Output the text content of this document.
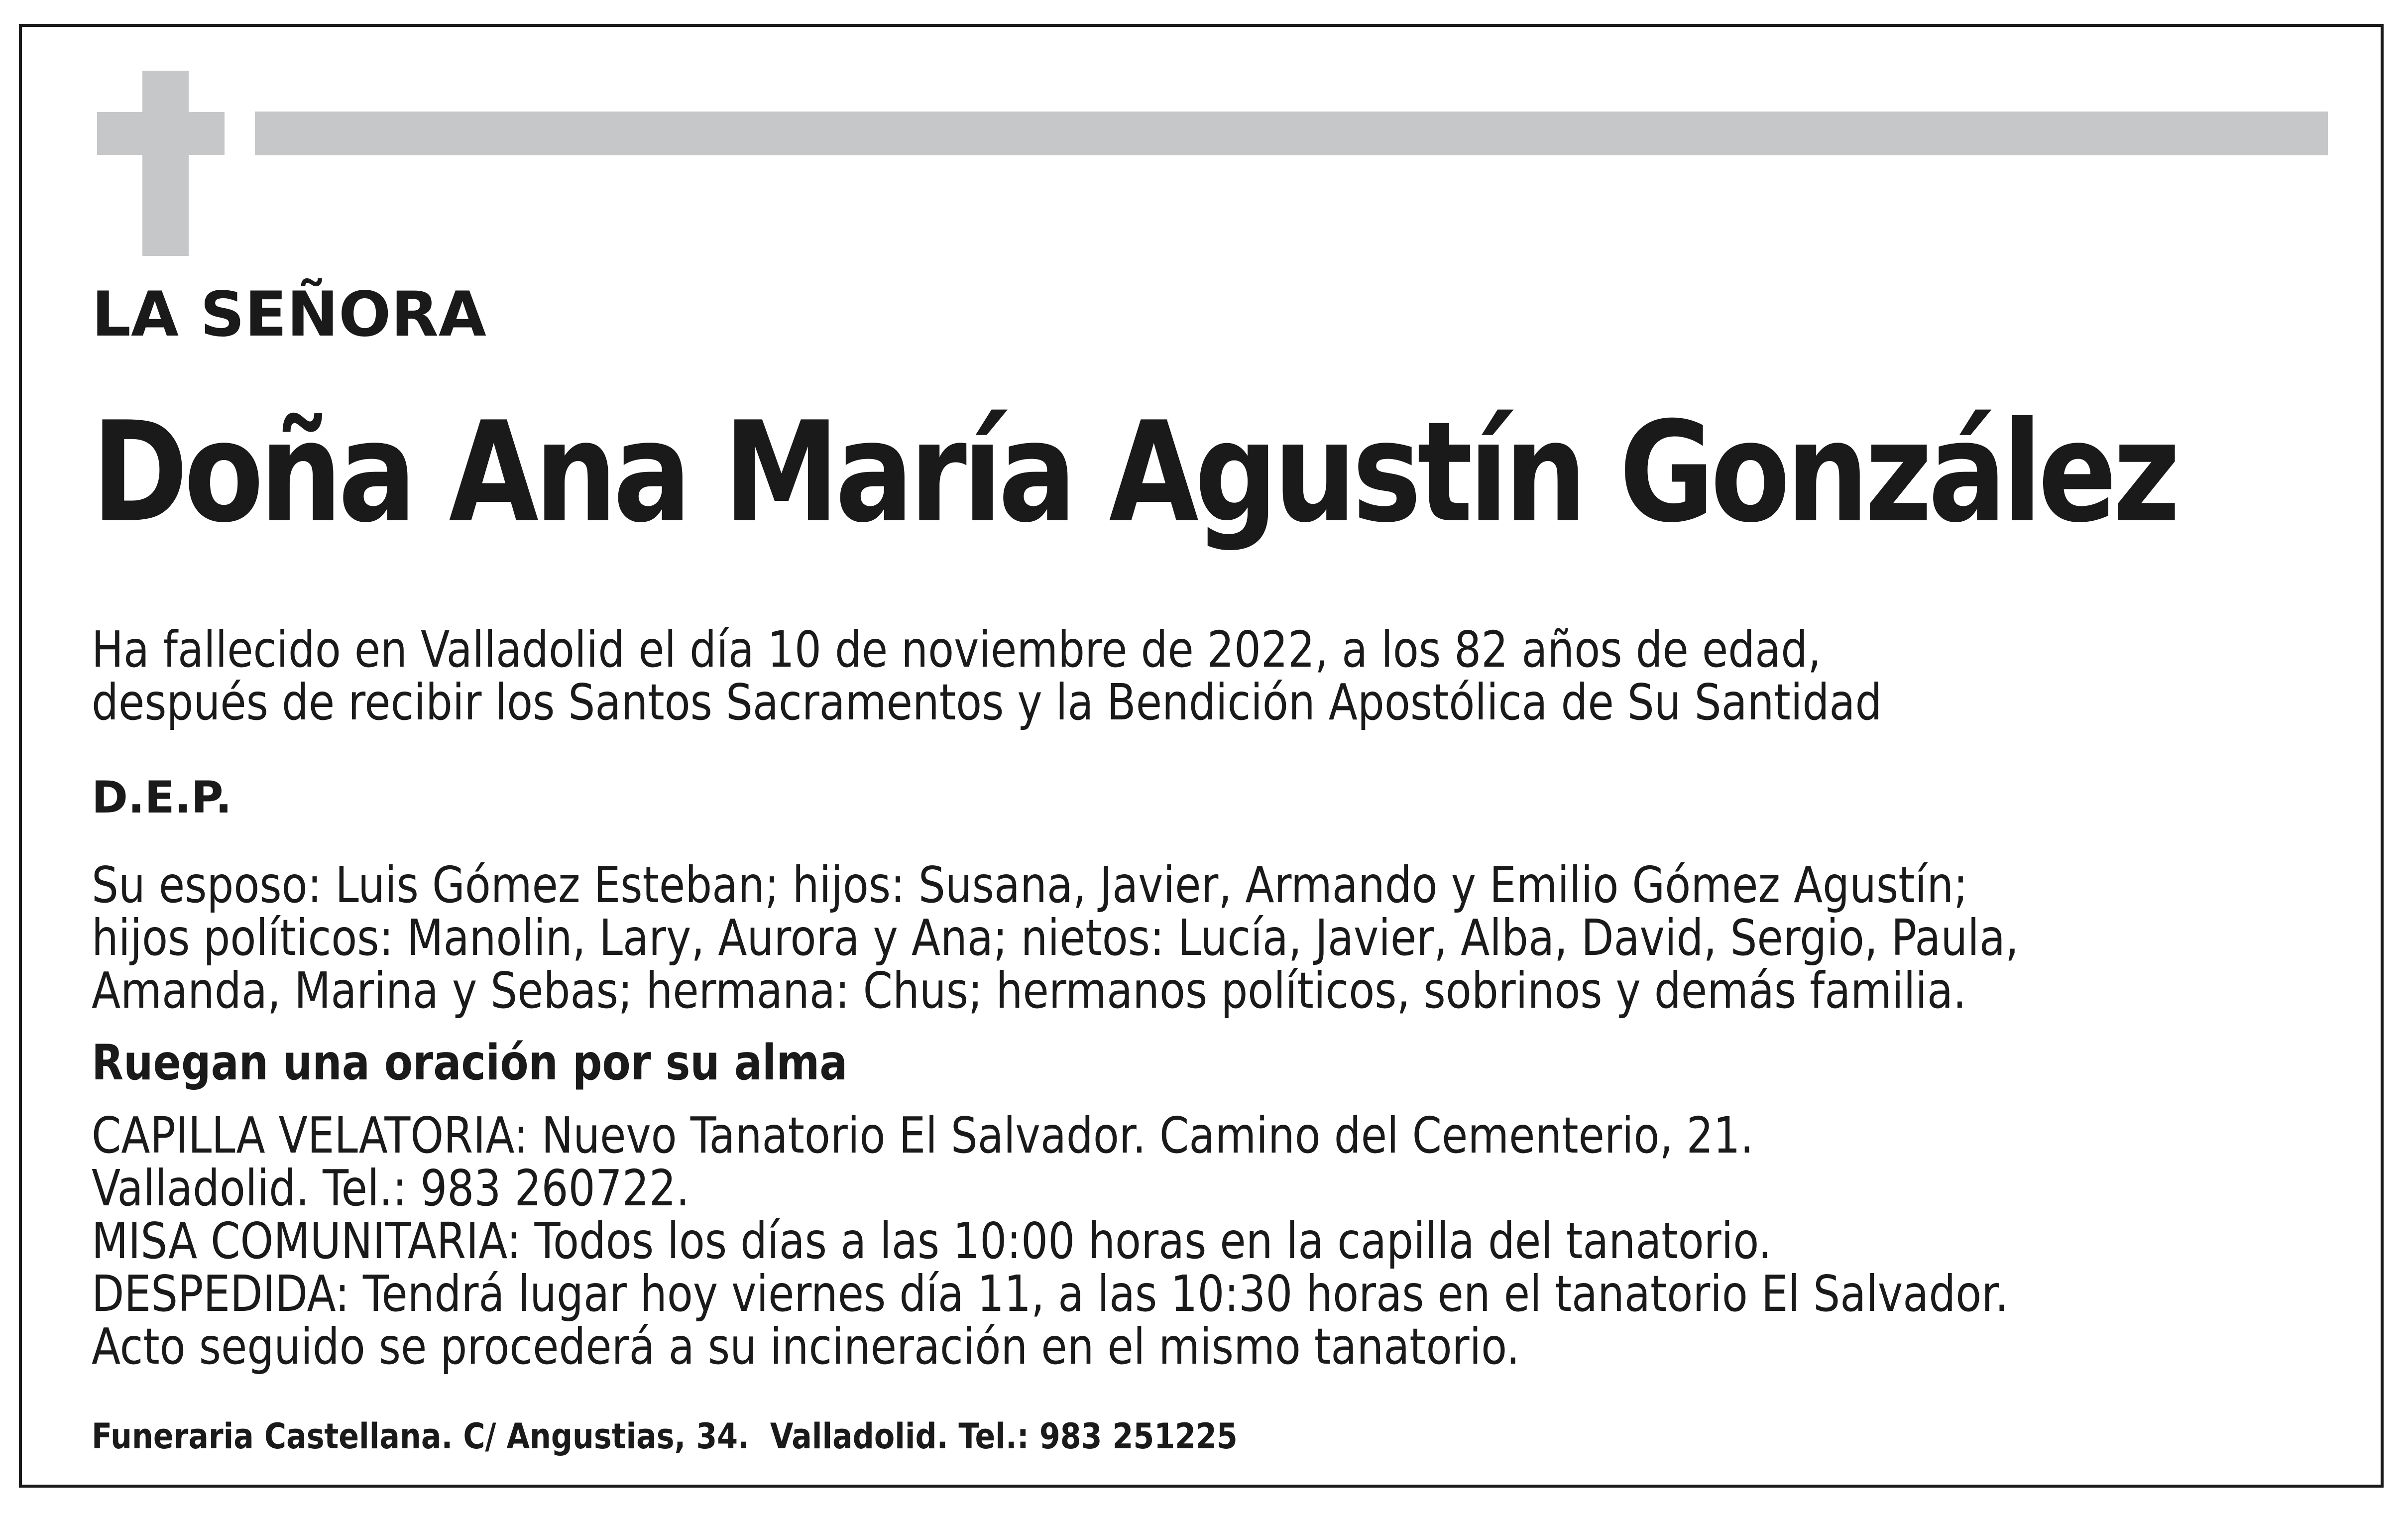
LA SEÑORA

Doña Ana María Agustín González
Ha fallecido en Valladolid el día 10 de noviembre de 2022, a los 82 años de edad,
después de recibir los Santos Sacramentos y la Bendición Apostólica de Su Santidad

D.E.P.

Su esposo: Luis Gómez Esteban; hijos: Susana, Javier, Armando y Emilio Gómez Agustín;
hijos políticos: Manolin, Lary, Aurora y Ana; nietos: Lucía, Javier, Alba, David, Sergio, Paula,
Amanda, Marina y Sebas; hermana: Chus; hermanos políticos, sobrinos y demás familia.

Ruegan una oración por su alma

CAPILLA VELATORIA: Nuevo Tanatorio El Salvador. Camino del Cementerio, 21.
Valladolid. Tel.: 983 260722.
MISA COMUNITARIA: Todos los días a las 10:00 horas en la capilla del tanatorio.
DESPEDIDA: Tendrá lugar hoy viernes día 11, a las 10:30 horas en el tanatorio El Salvador.
Acto seguido se procederá a su incineración en el mismo tanatorio.

Funeraria Castellana. C/ Angustias, 34.  Valladolid. Tel.: 983 251225
